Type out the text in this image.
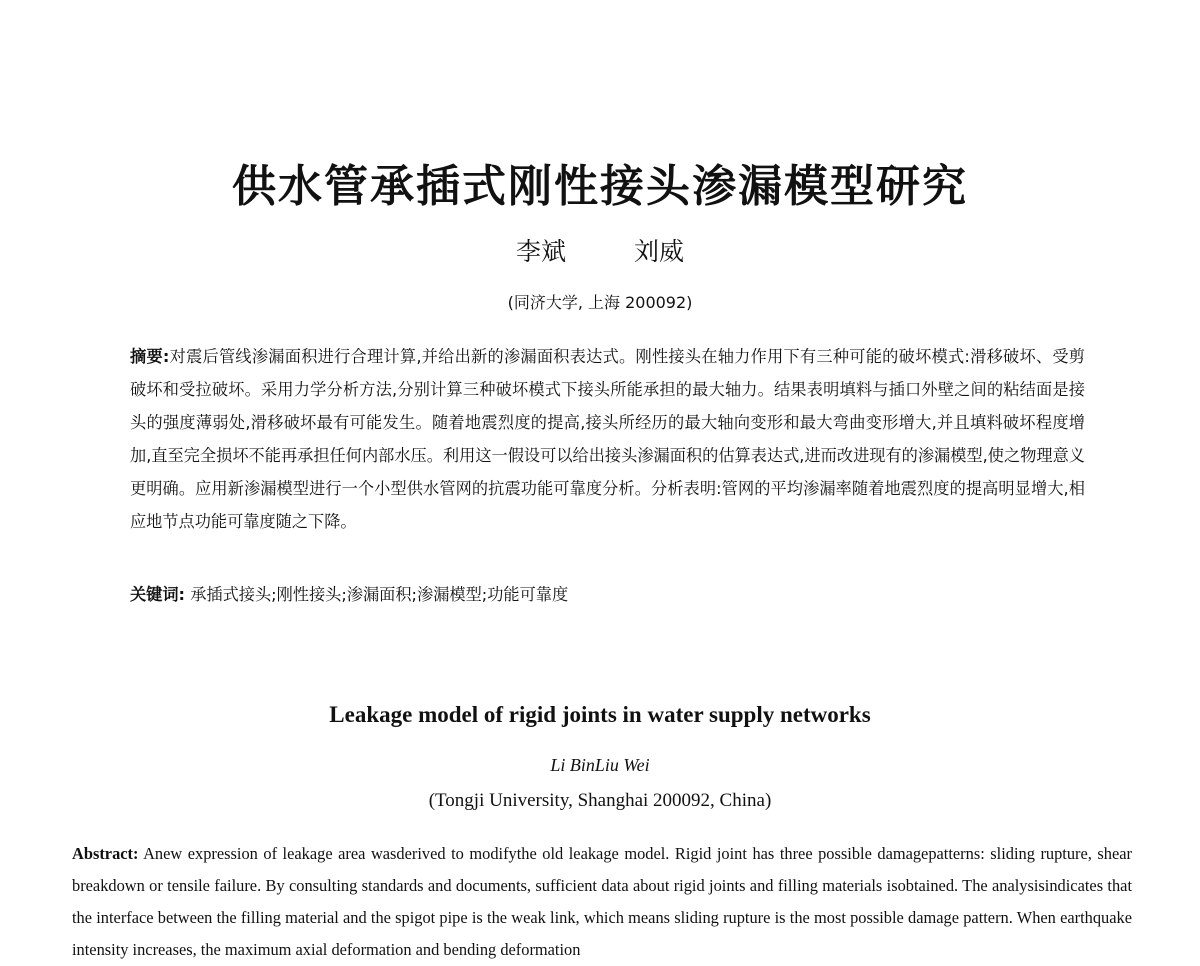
供水管承插式刚性接头渗漏模型研究
李斌	刘威
(同济大学, 上海 200092)
摘要:对震后管线渗漏面积进行合理计算,并给出新的渗漏面积表达式。刚性接头在轴力作用下有三种可能的破坏模式:滑移破坏、受剪破坏和受拉破坏。采用力学分析方法,分别计算三种破坏模式下接头所能承担的最大轴力。结果表明填料与插口外壁之间的粘结面是接头的强度薄弱处,滑移破坏最有可能发生。随着地震烈度的提高,接头所经历的最大轴向变形和最大弯曲变形增大,并且填料破坏程度增加,直至完全损坏不能再承担任何内部水压。利用这一假设可以给出接头渗漏面积的估算表达式,进而改进现有的渗漏模型,使之物理意义更明确。应用新渗漏模型进行一个小型供水管网的抗震功能可靠度分析。分析表明:管网的平均渗漏率随着地震烈度的提高明显增大,相应地节点功能可靠度随之下降。
关键词: 承插式接头;刚性接头;渗漏面积;渗漏模型;功能可靠度
Leakage model of rigid joints in water supply networks
Li BinLiu Wei
(Tongji University, Shanghai 200092, China)
Abstract: Anew expression of leakage area wasderived to modifythe old leakage model. Rigid joint has three possible damagepatterns: sliding rupture, shear breakdown or tensile failure. By consulting standards and documents, sufficient data about rigid joints and filling materials isobtained. The analysisindicates that the interface between the filling material and the spigot pipe is the weak link, which means sliding rupture is the most possible damage pattern. When earthquake intensity increases, the maximum axial deformation and bending deformation
